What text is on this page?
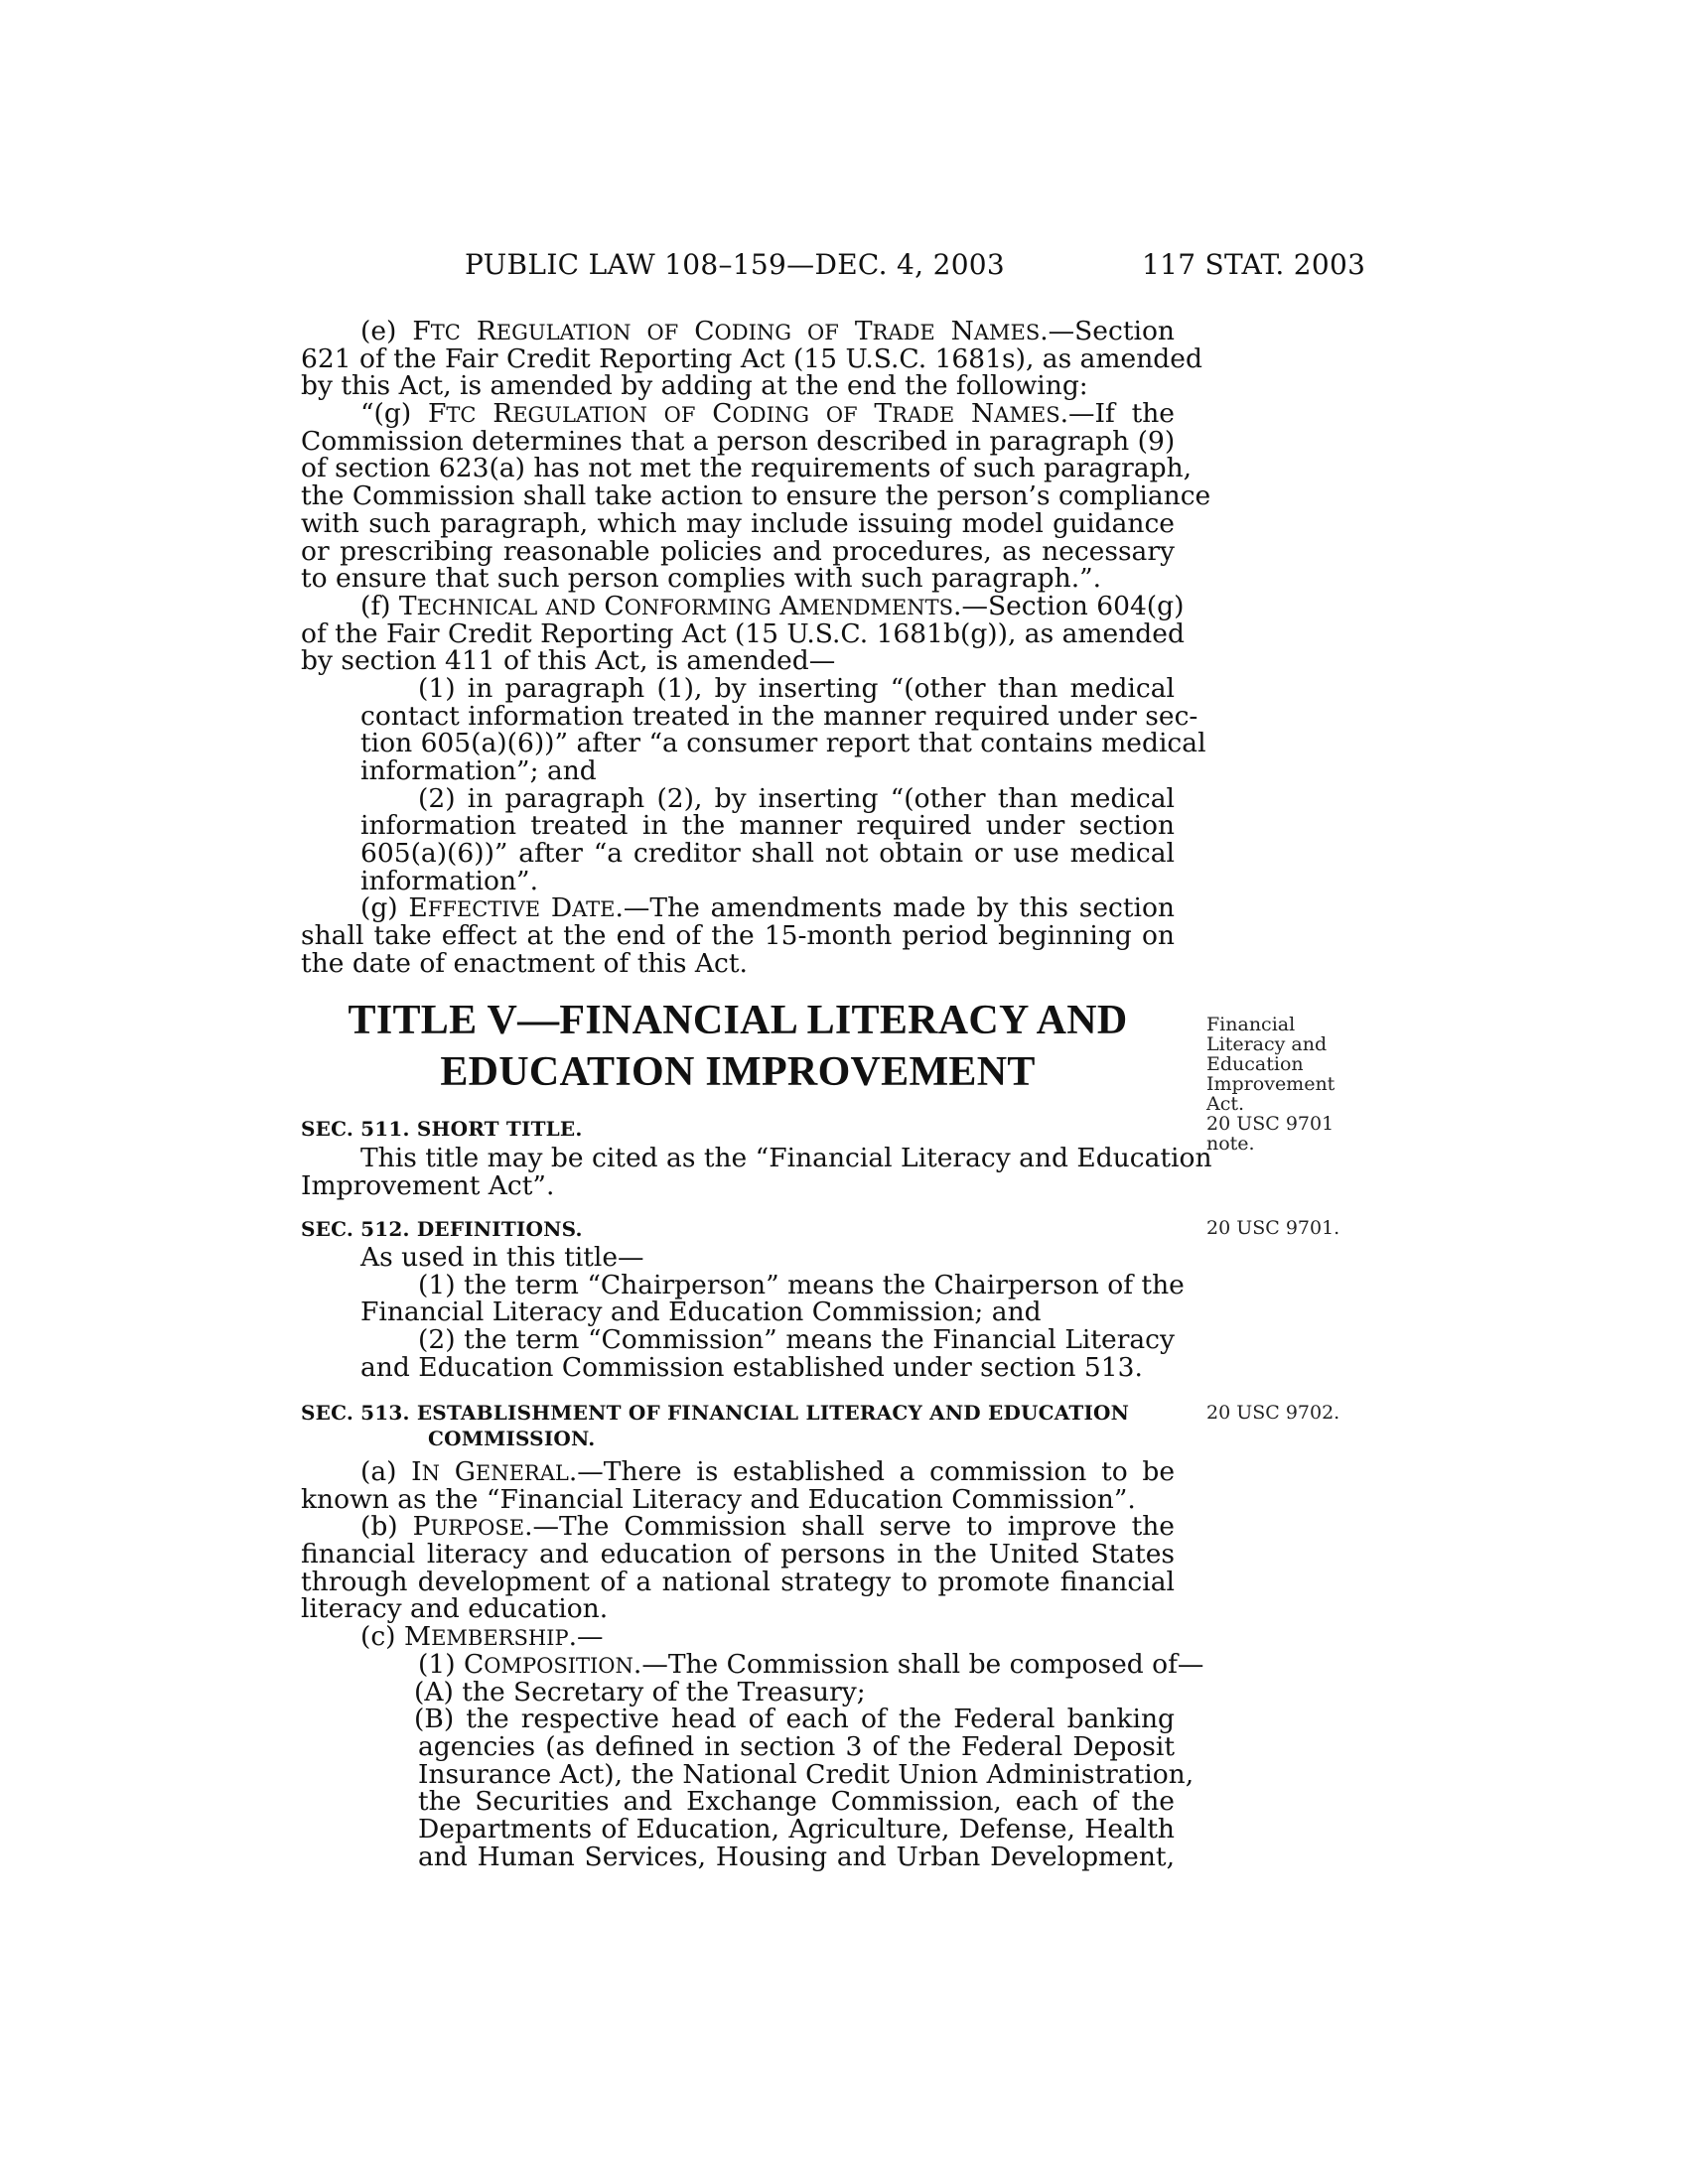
PUBLIC LAW 108–159—DEC. 4, 2003	117 STAT. 2003
(e) FTC REGULATION OF CODING OF TRADE NAMES.—Section
621 of the Fair Credit Reporting Act (15 U.S.C. 1681s), as amended
by this Act, is amended by adding at the end the following:
“(g) FTC REGULATION OF CODING OF TRADE NAMES.—If the
Commission determines that a person described in paragraph (9)
of section 623(a) has not met the requirements of such paragraph,
the Commission shall take action to ensure the person’s compliance
with such paragraph, which may include issuing model guidance
or prescribing reasonable policies and procedures, as necessary
to ensure that such person complies with such paragraph.”.
(f) TECHNICAL AND CONFORMING AMENDMENTS.—Section 604(g)
of the Fair Credit Reporting Act (15 U.S.C. 1681b(g)), as amended
by section 411 of this Act, is amended—
(1) in paragraph (1), by inserting “(other than medical
contact information treated in the manner required under sec-
tion 605(a)(6))” after “a consumer report that contains medical
information”; and
(2) in paragraph (2), by inserting “(other than medical
information treated in the manner required under section
605(a)(6))” after “a creditor shall not obtain or use medical
information”.
(g) EFFECTIVE DATE.—The amendments made by this section
shall take effect at the end of the 15-month period beginning on
the date of enactment of this Act.
TITLE V—FINANCIAL LITERACY AND
EDUCATION IMPROVEMENT
SEC. 511. SHORT TITLE.
This title may be cited as the “Financial Literacy and Education
Improvement Act”.
SEC. 512. DEFINITIONS.
As used in this title—
(1) the term “Chairperson” means the Chairperson of the
Financial Literacy and Education Commission; and
(2) the term “Commission” means the Financial Literacy
and Education Commission established under section 513.
SEC. 513. ESTABLISHMENT OF FINANCIAL LITERACY AND EDUCATION
COMMISSION.
(a) IN GENERAL.—There is established a commission to be
known as the “Financial Literacy and Education Commission”.
(b) PURPOSE.—The Commission shall serve to improve the
financial literacy and education of persons in the United States
through development of a national strategy to promote financial
literacy and education.
(c) MEMBERSHIP.—
(1) COMPOSITION.—The Commission shall be composed of—
(A) the Secretary of the Treasury;
(B) the respective head of each of the Federal banking
agencies (as defined in section 3 of the Federal Deposit
Insurance Act), the National Credit Union Administration,
the Securities and Exchange Commission, each of the
Departments of Education, Agriculture, Defense, Health
and Human Services, Housing and Urban Development,
Financial
Literacy and
Education
Improvement
Act.
20 USC 9701
note.
20 USC 9701.
20 USC 9702.
